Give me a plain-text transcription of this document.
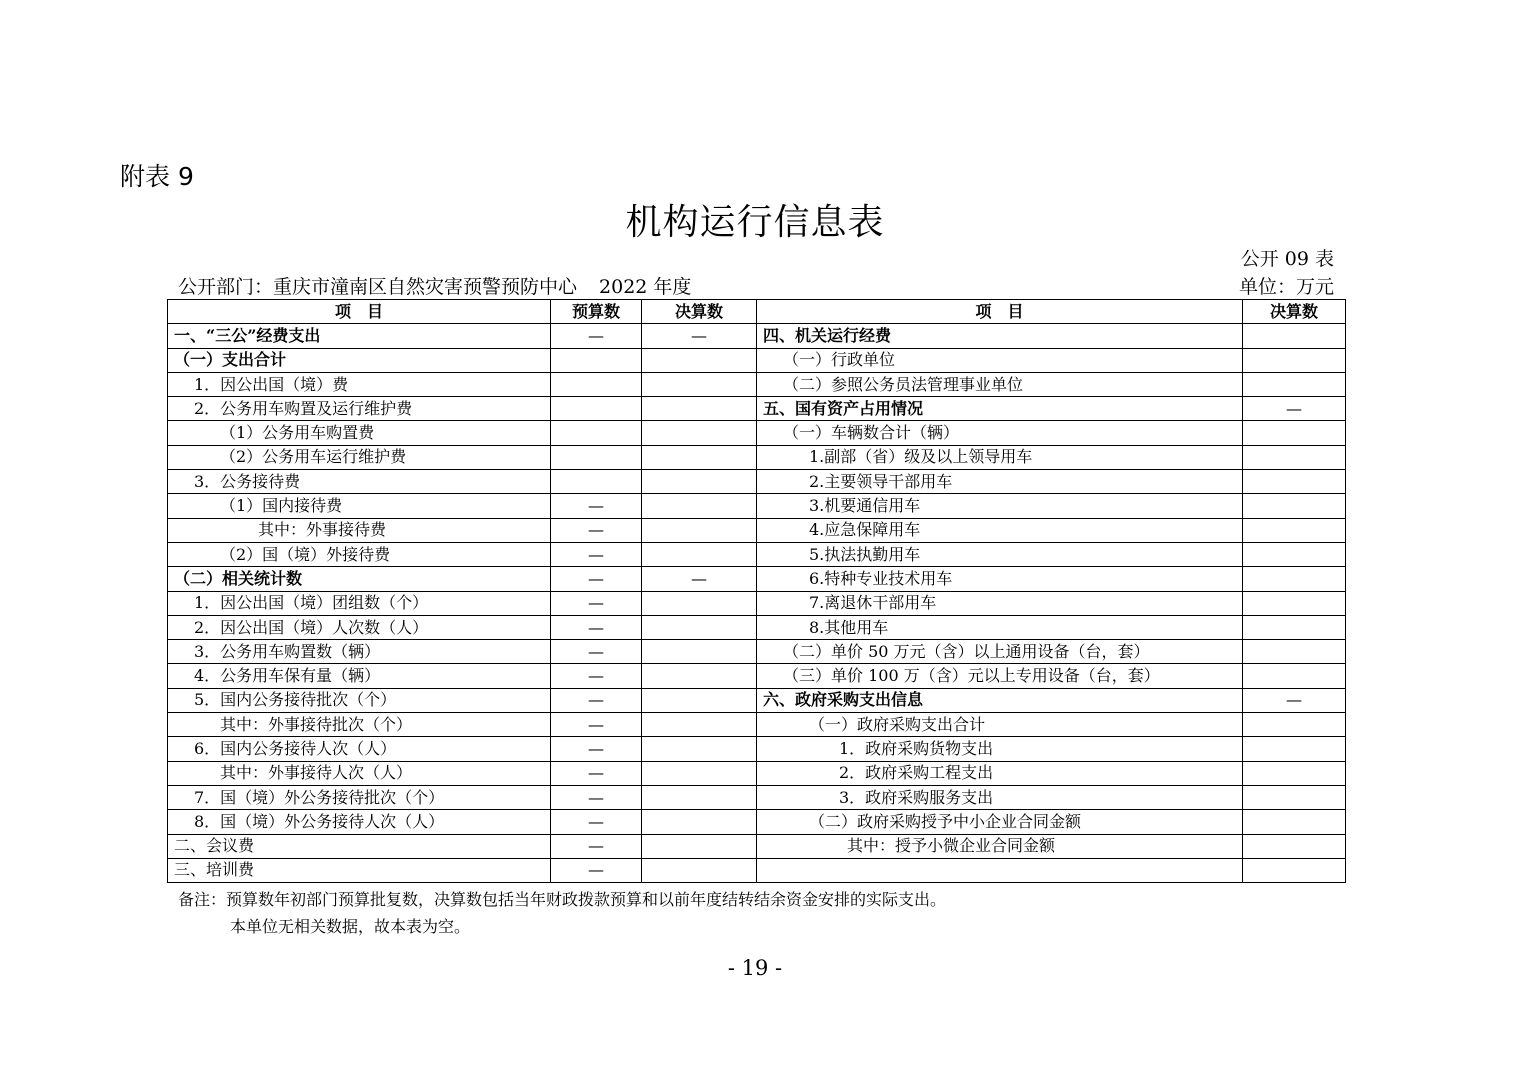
附表 9
机构运行信息表
公开 09 表
公开部门：重庆市潼南区自然灾害预警预防中心 2022 年度	单位：万元
项　目	预算数	决算数	项　目	决算数
一、“三公”经费支出	—	—	四、机关运行经费	
（一）支出合计			（一）行政单位	
1．因公出国（境）费			（二）参照公务员法管理事业单位	
2．公务用车购置及运行维护费			五、国有资产占用情况	—
（1）公务用车购置费			（一）车辆数合计（辆）	
（2）公务用车运行维护费			1.副部（省）级及以上领导用车	
3．公务接待费			2.主要领导干部用车	
（1）国内接待费	—		3.机要通信用车	
其中：外事接待费	—		4.应急保障用车	
（2）国（境）外接待费	—		5.执法执勤用车	
（二）相关统计数	—	—	6.特种专业技术用车	
1．因公出国（境）团组数（个）	—		7.离退休干部用车	
2．因公出国（境）人次数（人）	—		8.其他用车	
3．公务用车购置数（辆）	—		（二）单价 50 万元（含）以上通用设备（台，套）	
4．公务用车保有量（辆）	—		（三）单价 100 万（含）元以上专用设备（台，套）	
5．国内公务接待批次（个）	—		六、政府采购支出信息	—
其中：外事接待批次（个）	—		（一）政府采购支出合计	
6．国内公务接待人次（人）	—		1．政府采购货物支出	
其中：外事接待人次（人）	—		2．政府采购工程支出	
7．国（境）外公务接待批次（个）	—		3．政府采购服务支出	
8．国（境）外公务接待人次（人）	—		（二）政府采购授予中小企业合同金额	
二、会议费	—		其中：授予小微企业合同金额	
三、培训费	—			
备注：预算数年初部门预算批复数，决算数包括当年财政拨款预算和以前年度结转结余资金安排的实际支出。
本单位无相关数据，故本表为空。
- 19 -
